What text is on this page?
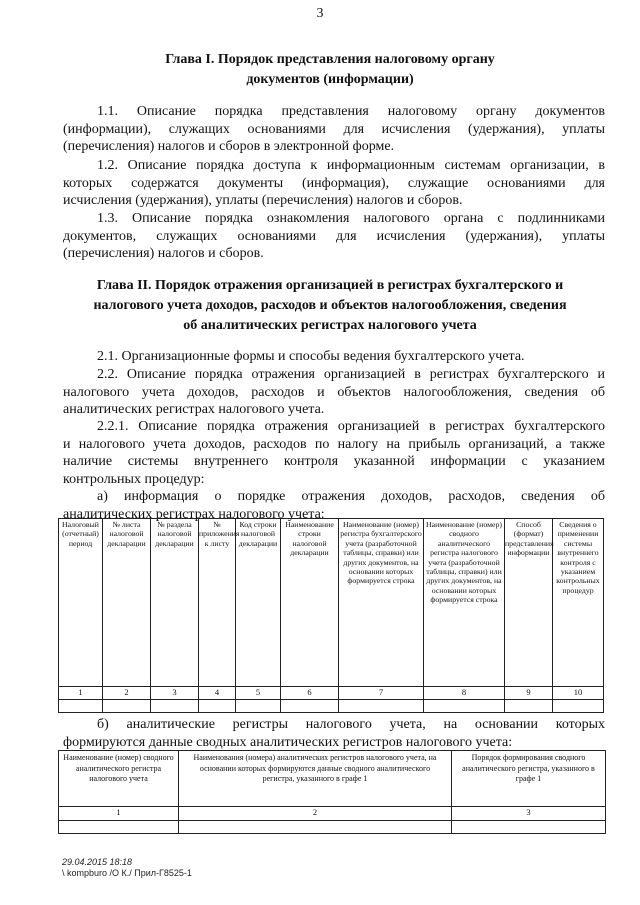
3
Глава I. Порядок представления налоговому органу
документов (информации)
1.1. Описание порядка представления налоговому органу документов
(информации), служащих основаниями для исчисления (удержания), уплаты
(перечисления) налогов и сборов в электронной форме.
1.2. Описание порядка доступа к информационным системам организации, в
которых содержатся документы (информация), служащие основаниями для
исчисления (удержания), уплаты (перечисления) налогов и сборов.
1.3. Описание порядка ознакомления налогового органа с подлинниками
документов, служащих основаниями для исчисления (удержания), уплаты
(перечисления) налогов и сборов.
Глава II. Порядок отражения организацией в регистрах бухгалтерского и
налогового учета доходов, расходов и объектов налогообложения, сведения
об аналитических регистрах налогового учета
2.1. Организационные формы и способы ведения бухгалтерского учета.
2.2. Описание порядка отражения организацией в регистрах бухгалтерского и
налогового учета доходов, расходов и объектов налогообложения, сведения об
аналитических регистрах налогового учета.
2.2.1. Описание порядка отражения организацией в регистрах бухгалтерского
и налогового учета доходов, расходов по налогу на прибыль организаций, а также
наличие системы внутреннего контроля указанной информации с указанием
контрольных процедур:
а) информация о порядке отражения доходов, расходов, сведения об
аналитических регистрах налогового учета:
Налоговый (отчетный) период	№ листа налоговой декларации	№ раздела налоговой декларации	№ приложения к листу	Код строки налоговой декларации	Наименование строки налоговой декларации	Наименование (номер) регистра бухгалтерского учета (разработочной таблицы, справки) или других документов, на основании которых формируется строка	Наименование (номер) сводного аналитического регистра налогового учета (разработочной таблицы, справки) или других документов, на основании которых формируется строка	Способ (формат) представления информации	Сведения о применении системы внутреннего контроля с указанием контрольных процедур
1	2	3	4	5	6	7	8	9	10

б) аналитические регистры налогового учета, на основании которых
формируются данные сводных аналитических регистров налогового учета:
Наименование (номер) сводного аналитического регистра налогового учета	Наименования (номера) аналитических регистров налогового учета, на основании которых формируются данные сводного аналитического регистра, указанного в графе 1	Порядок формирования сводного аналитического регистра, указанного в графе 1
1	2	3

29.04.2015 18:18
\ kompburo /О К./ Прил-Г8525-1
